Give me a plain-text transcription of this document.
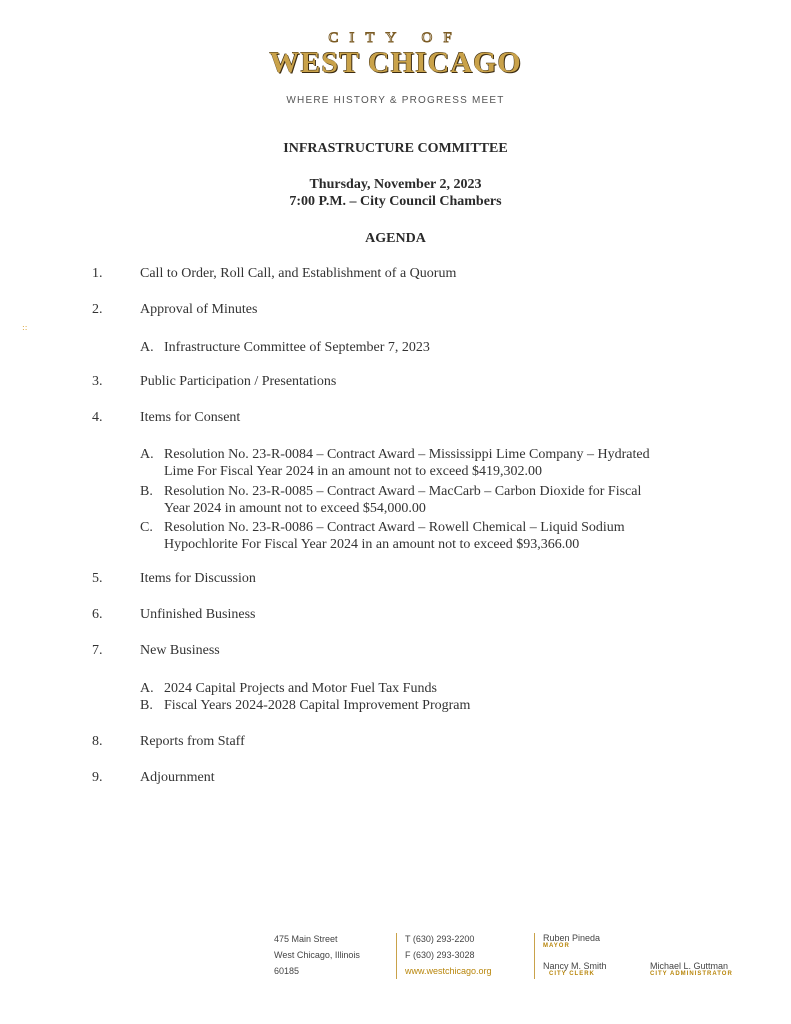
CITY OF
WEST CHICAGO
WHERE HISTORY & PROGRESS MEET
INFRASTRUCTURE COMMITTEE
Thursday, November 2, 2023
7:00 P.M. – City Council Chambers
AGENDA
::
1.	Call to Order, Roll Call, and Establishment of a Quorum
2.	Approval of Minutes
A. Infrastructure Committee of September 7, 2023
3.	Public Participation / Presentations
4.	Items for Consent
A. Resolution No. 23-R-0084 – Contract Award – Mississippi Lime Company – Hydrated
Lime For Fiscal Year 2024 in an amount not to exceed $419,302.00
B. Resolution No. 23-R-0085 – Contract Award – MacCarb – Carbon Dioxide for Fiscal
Year 2024 in amount not to exceed $54,000.00
C. Resolution No. 23-R-0086 – Contract Award – Rowell Chemical – Liquid Sodium
Hypochlorite For Fiscal Year 2024 in an amount not to exceed $93,366.00
5.	Items for Discussion
6.	Unfinished Business
7.	New Business
A. 2024 Capital Projects and Motor Fuel Tax Funds
B. Fiscal Years 2024-2028 Capital Improvement Program
8.	Reports from Staff
9.	Adjournment
475 Main Street
West Chicago, Illinois
60185
T (630) 293-2200
F (630) 293-3028
www.westchicago.org
Ruben Pineda
MAYOR
Nancy M. Smith
CITY CLERK
Michael L. Guttman
CITY ADMINISTRATOR
